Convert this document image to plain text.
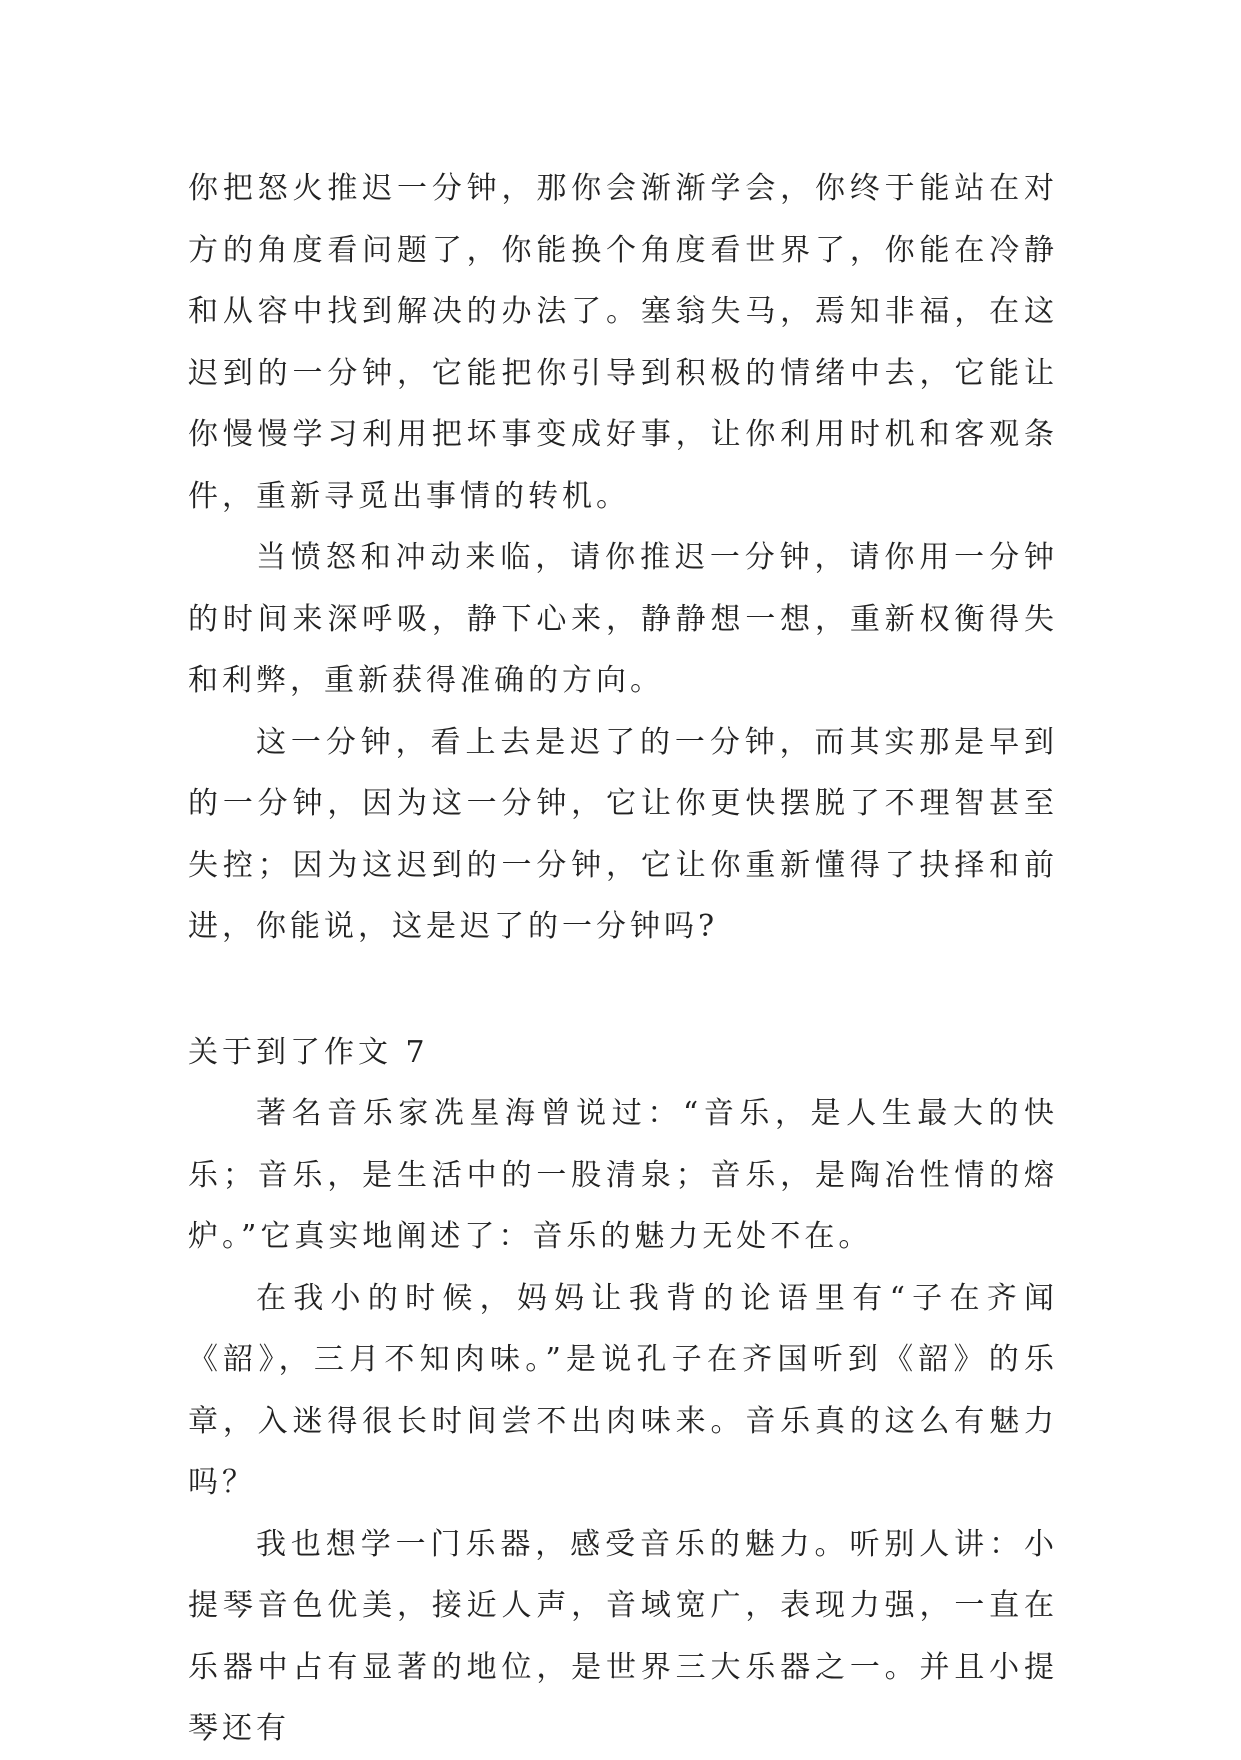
你把怒火推迟一分钟，那你会渐渐学会，你终于能站在对方的角度看问题了，你能换个角度看世界了，你能在冷静和从容中找到解决的办法了。塞翁失马，焉知非福，在这迟到的一分钟，它能把你引导到积极的情绪中去，它能让你慢慢学习利用把坏事变成好事，让你利用时机和客观条件，重新寻觅出事情的转机。

当愤怒和冲动来临，请你推迟一分钟，请你用一分钟的时间来深呼吸，静下心来，静静想一想，重新权衡得失和利弊，重新获得准确的方向。

这一分钟，看上去是迟了的一分钟，而其实那是早到的一分钟，因为这一分钟，它让你更快摆脱了不理智甚至失控；因为这迟到的一分钟，它让你重新懂得了抉择和前进，你能说，这是迟了的一分钟吗?

关于到了作文 7

著名音乐家冼星海曾说过：“音乐，是人生最大的快乐；音乐，是生活中的一股清泉；音乐，是陶冶性情的熔炉。”它真实地阐述了：音乐的魅力无处不在。

在我小的时候，妈妈让我背的论语里有“子在齐闻《韶》，三月不知肉味。”是说孔子在齐国听到《韶》的乐章，入迷得很长时间尝不出肉味来。音乐真的这么有魅力吗？

我也想学一门乐器，感受音乐的魅力。听别人讲：小提琴音色优美，接近人声，音域宽广，表现力强，一直在乐器中占有显著的地位，是世界三大乐器之一。并且小提琴还有
